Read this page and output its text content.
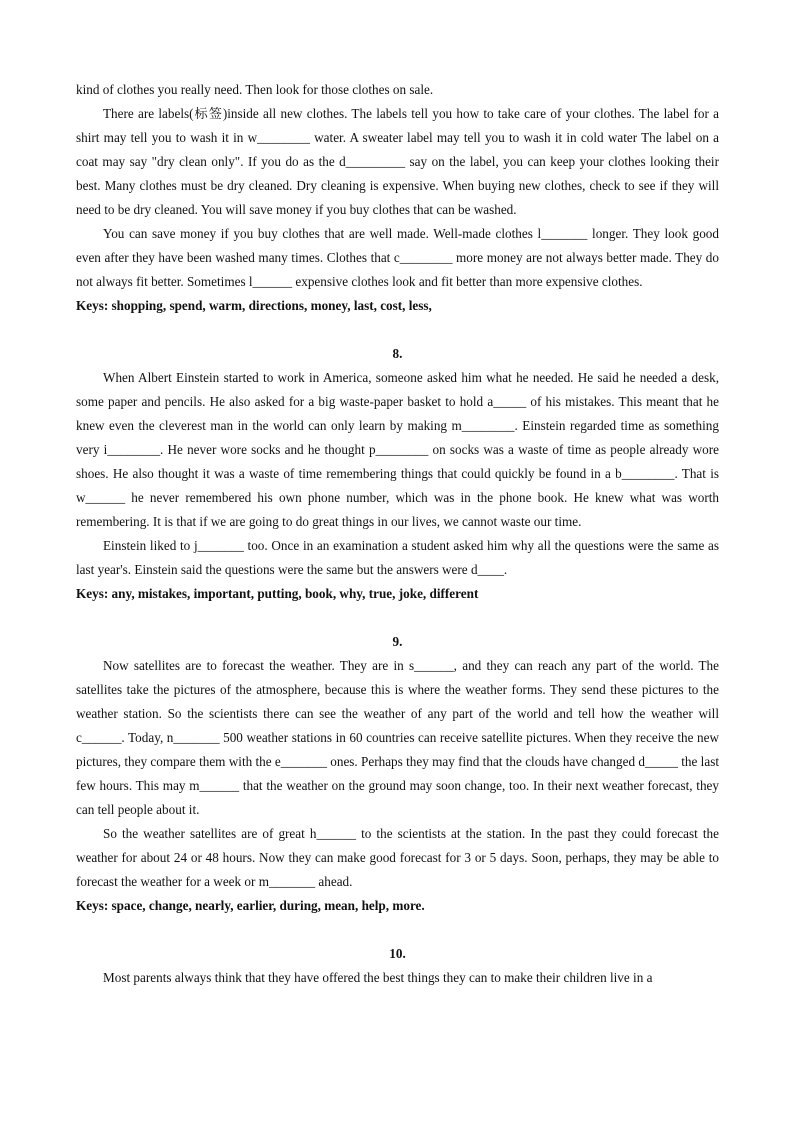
kind of clothes you really need. Then look for those clothes on sale.

There are labels(标签)inside all new clothes. The labels tell you how to take care of your clothes. The label for a shirt may tell you to wash it in w________ water. A sweater label may tell you to wash it in cold water The label on a coat may say "dry clean only". If you do as the d_________ say on the label, you can keep your clothes looking their best. Many clothes must be dry cleaned. Dry cleaning is expensive. When buying new clothes, check to see if they will need to be dry cleaned. You will save money if you buy clothes that can be washed.

You can save money if you buy clothes that are well made. Well-made clothes l_______ longer. They look good even after they have been washed many times. Clothes that c________ more money are not always better made. They do not always fit better. Sometimes l______ expensive clothes look and fit better than more expensive clothes.

Keys: shopping, spend, warm, directions, money, last, cost, less,

8.

When Albert Einstein started to work in America, someone asked him what he needed. He said he needed a desk, some paper and pencils. He also asked for a big waste-paper basket to hold a_____ of his mistakes. This meant that he knew even the cleverest man in the world can only learn by making m________. Einstein regarded time as something very i________. He never wore socks and he thought p________ on socks was a waste of time as people already wore shoes. He also thought it was a waste of time remembering things that could quickly be found in a b________. That is w______ he never remembered his own phone number, which was in the phone book. He knew what was worth remembering. It is that if we are going to do great things in our lives, we cannot waste our time.

Einstein liked to j_______ too. Once in an examination a student asked him why all the questions were the same as last year's. Einstein said the questions were the same but the answers were d____.

Keys: any, mistakes, important, putting, book, why, true, joke, different

9.

Now satellites are to forecast the weather. They are in s______, and they can reach any part of the world. The satellites take the pictures of the atmosphere, because this is where the weather forms. They send these pictures to the weather station. So the scientists there can see the weather of any part of the world and tell how the weather will c______. Today, n_______ 500 weather stations in 60 countries can receive satellite pictures. When they receive the new pictures, they compare them with the e_______ ones. Perhaps they may find that the clouds have changed d_____ the last few hours. This may m______ that the weather on the ground may soon change, too. In their next weather forecast, they can tell people about it.

So the weather satellites are of great h______ to the scientists at the station. In the past they could forecast the weather for about 24 or 48 hours. Now they can make good forecast for 3 or 5 days. Soon, perhaps, they may be able to forecast the weather for a week or m_______ ahead.

Keys: space, change, nearly, earlier, during, mean, help, more.

10.

Most parents always think that they have offered the best things they can to make their children live in a
